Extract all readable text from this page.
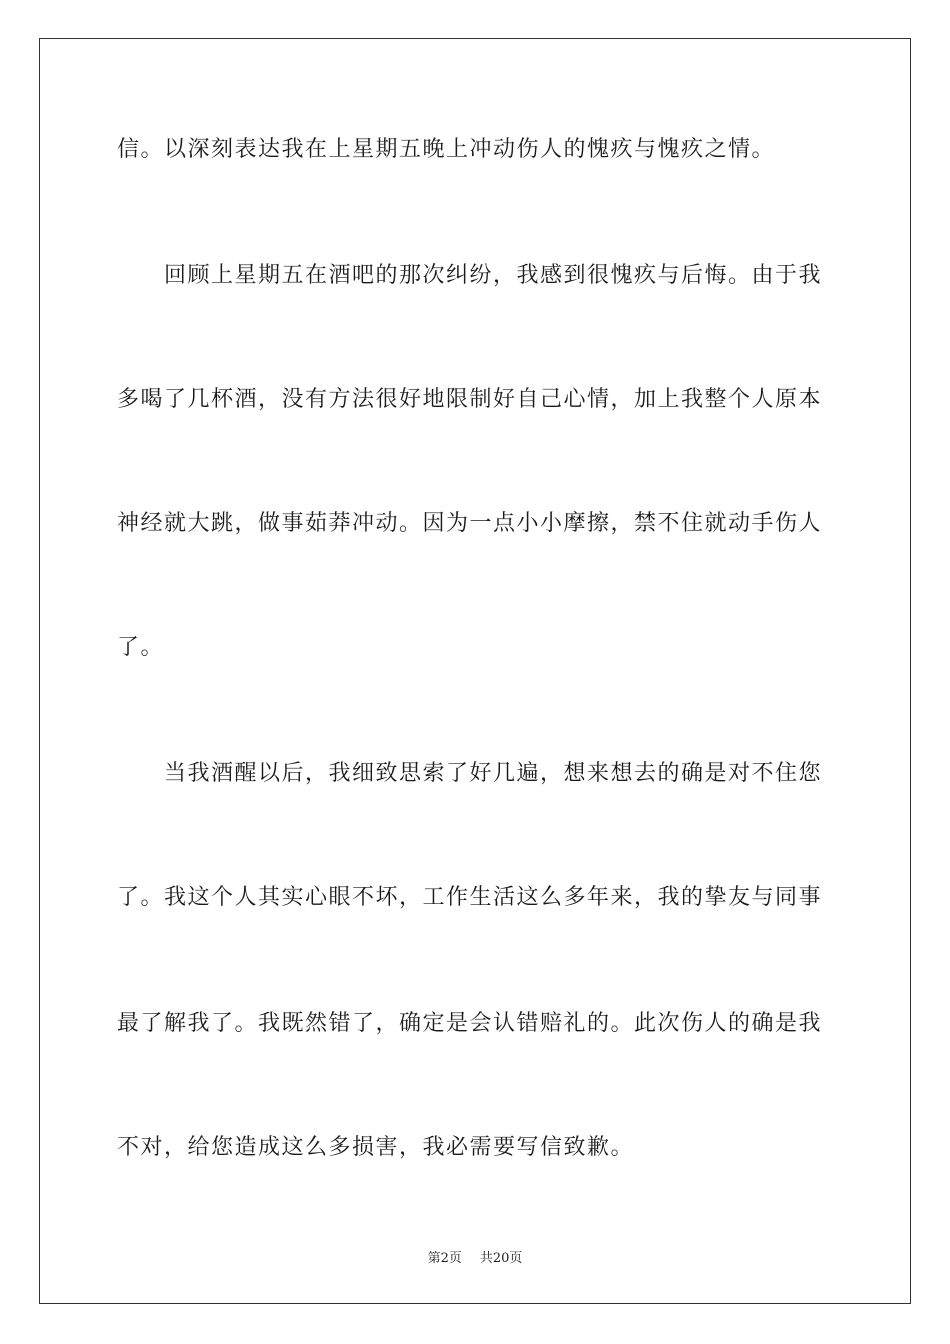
信。以深刻表达我在上星期五晚上冲动伤人的愧疚与愧疚之情。
　　回顾上星期五在酒吧的那次纠纷，我感到很愧疚与后悔。由于我
多喝了几杯酒，没有方法很好地限制好自己心情，加上我整个人原本
神经就大跳，做事茹莽冲动。因为一点小小摩擦，禁不住就动手伤人
了。
　　当我酒醒以后，我细致思索了好几遍，想来想去的确是对不住您
了。我这个人其实心眼不坏，工作生活这么多年来，我的挚友与同事
最了解我了。我既然错了，确定是会认错赔礼的。此次伤人的确是我
不对，给您造成这么多损害，我必需要写信致歉。
第2页 共20页
